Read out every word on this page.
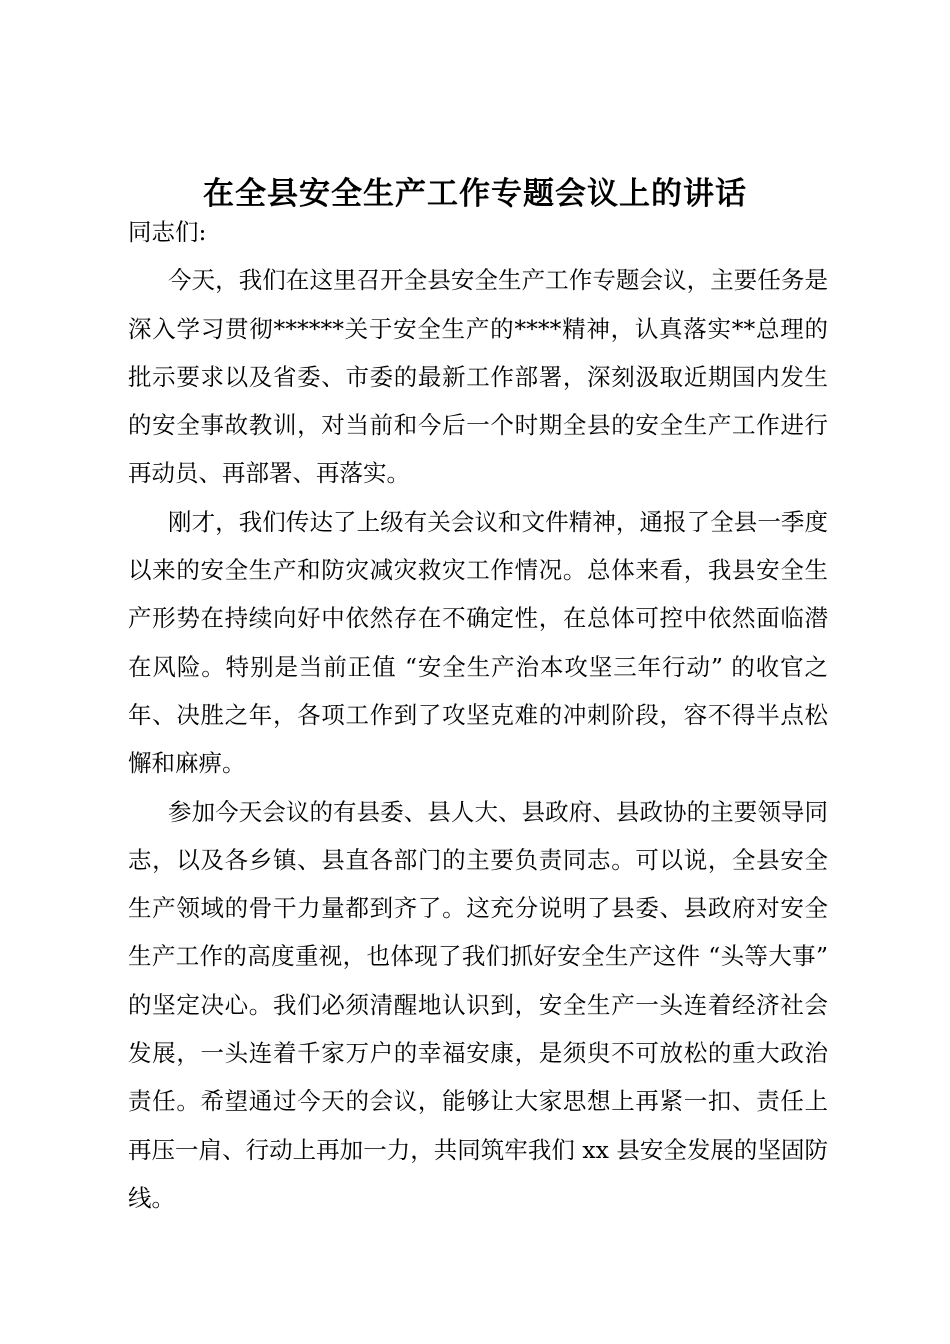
在全县安全生产工作专题会议上的讲话

同志们:

今天，我们在这里召开全县安全生产工作专题会议，主要任务是深入学习贯彻******关于安全生产的****精神，认真落实**总理的批示要求以及省委、市委的最新工作部署，深刻汲取近期国内发生的安全事故教训，对当前和今后一个时期全县的安全生产工作进行再动员、再部署、再落实。

刚才，我们传达了上级有关会议和文件精神，通报了全县一季度以来的安全生产和防灾减灾救灾工作情况。总体来看，我县安全生产形势在持续向好中依然存在不确定性，在总体可控中依然面临潜在风险。特别是当前正值 “安全生产治本攻坚三年行动” 的收官之年、决胜之年，各项工作到了攻坚克难的冲刺阶段，容不得半点松懈和麻痹。

参加今天会议的有县委、县人大、县政府、县政协的主要领导同志，以及各乡镇、县直各部门的主要负责同志。可以说，全县安全生产领域的骨干力量都到齐了。这充分说明了县委、县政府对安全生产工作的高度重视，也体现了我们抓好安全生产这件 “头等大事” 的坚定决心。我们必须清醒地认识到，安全生产一头连着经济社会发展，一头连着千家万户的幸福安康，是须臾不可放松的重大政治责任。希望通过今天的会议，能够让大家思想上再紧一扣、责任上再压一肩、行动上再加一力，共同筑牢我们 xx 县安全发展的坚固防线。
